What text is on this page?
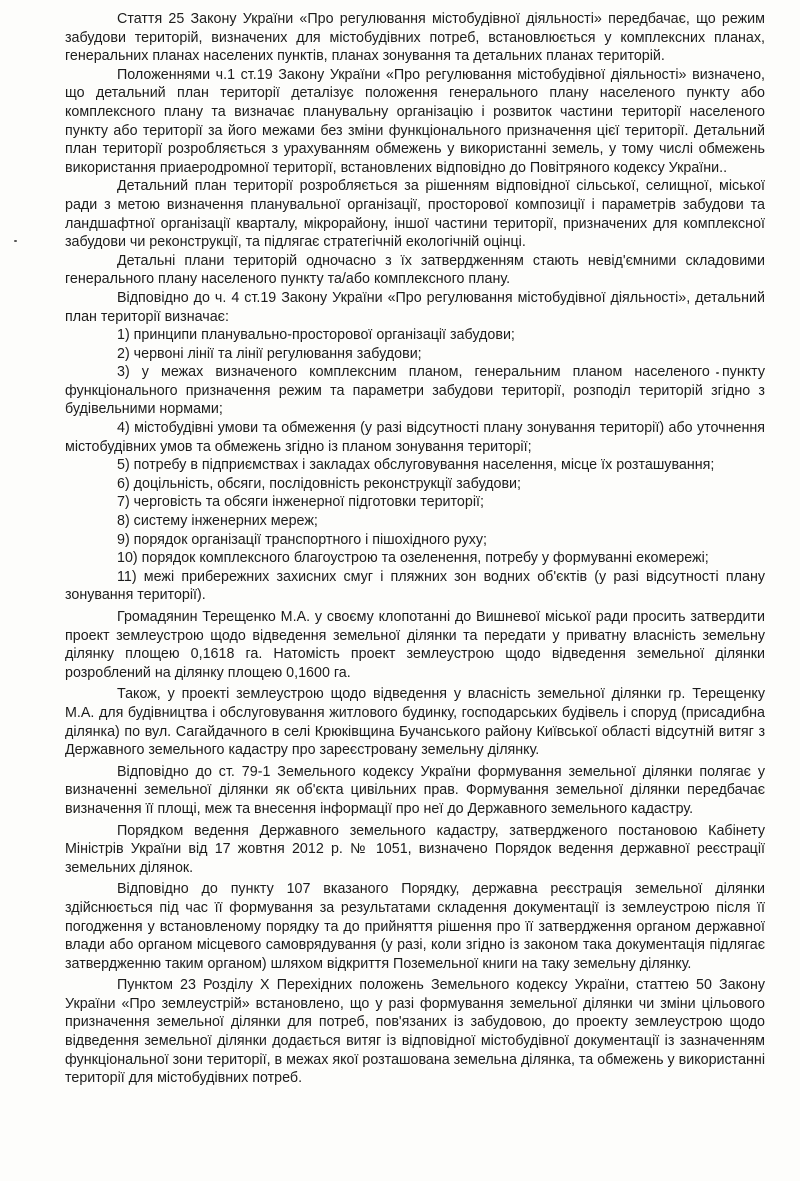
Стаття 25 Закону України «Про регулювання містобудівної діяльності» передбачає, що режим забудови територій, визначених для містобудівних потреб, встановлюється у комплексних планах, генеральних планах населених пунктів, планах зонування та детальних планах територій.

Положеннями ч.1 ст.19 Закону України «Про регулювання містобудівної діяльності» визначено, що детальний план території деталізує положення генерального плану населеного пункту або комплексного плану та визначає планувальну організацію і розвиток частини території населеного пункту або території за його межами без зміни функціонального призначення цієї території. Детальний план території розробляється з урахуванням обмежень у використанні земель, у тому числі обмежень використання приаеродромної території, встановлених відповідно до Повітряного кодексу України..

Детальний план території розробляється за рішенням відповідної сільської, селищної, міської ради з метою визначення планувальної організації, просторової композиції і параметрів забудови та ландшафтної організації кварталу, мікрорайону, іншої частини території, призначених для комплексної забудови чи реконструкції, та підлягає стратегічній екологічній оцінці.

Детальні плани територій одночасно з їх затвердженням стають невід'ємними складовими генерального плану населеного пункту та/або комплексного плану.

Відповідно до ч. 4 ст.19 Закону України «Про регулювання містобудівної діяльності», детальний план території визначає:

1) принципи планувально-просторової організації забудови;

2) червоні лінії та лінії регулювання забудови;

3) у межах визначеного комплексним планом, генеральним планом населеного пункту функціонального призначення режим та параметри забудови території, розподіл територій згідно з будівельними нормами;

4) містобудівні умови та обмеження (у разі відсутності плану зонування території) або уточнення містобудівних умов та обмежень згідно із планом зонування території;

5) потребу в підприємствах і закладах обслуговування населення, місце їх розташування;

6) доцільність, обсяги, послідовність реконструкції забудови;

7) черговість та обсяги інженерної підготовки території;

8) систему інженерних мереж;

9) порядок організації транспортного і пішохідного руху;

10) порядок комплексного благоустрою та озеленення, потребу у формуванні екомережі;

11) межі прибережних захисних смуг і пляжних зон водних об'єктів (у разі відсутності плану зонування території).

Громадянин Терещенко М.А. у своєму клопотанні до Вишневої міської ради просить затвердити проект землеустрою щодо відведення земельної ділянки та передати у приватну власність земельну ділянку площею 0,1618 га. Натомість проект землеустрою щодо відведення земельної ділянки розроблений на ділянку площею 0,1600 га.

Також, у проекті землеустрою щодо відведення у власність земельної ділянки гр. Терещенку М.А. для будівництва і обслуговування житлового будинку, господарських будівель і споруд (присадибна ділянка) по вул. Сагайдачного в селі Крюківщина Бучанського району Київської області відсутній витяг з Державного земельного кадастру про зареєстровану земельну ділянку.

Відповідно до ст. 79-1 Земельного кодексу України формування земельної ділянки полягає у визначенні земельної ділянки як об'єкта цивільних прав. Формування земельної ділянки передбачає визначення її площі, меж та внесення інформації про неї до Державного земельного кадастру.

Порядком ведення Державного земельного кадастру, затвердженого постановою Кабінету Міністрів України від 17 жовтня 2012 р. № 1051, визначено Порядок ведення державної реєстрації земельних ділянок.

Відповідно до пункту 107 вказаного Порядку, державна реєстрація земельної ділянки здійснюється під час її формування за результатами складення документації із землеустрою після її погодження у встановленому порядку та до прийняття рішення про її затвердження органом державної влади або органом місцевого самоврядування (у разі, коли згідно із законом така документація підлягає затвердженню таким органом) шляхом відкриття Поземельної книги на таку земельну ділянку.

Пунктом 23 Розділу X Перехідних положень Земельного кодексу України, статтею 50 Закону України «Про землеустрій» встановлено, що у разі формування земельної ділянки чи зміни цільового призначення земельної ділянки для потреб, пов'язаних із забудовою, до проекту землеустрою щодо відведення земельної ділянки додається витяг із відповідної містобудівної документації із зазначенням функціональної зони території, в межах якої розташована земельна ділянка, та обмежень у використанні території для містобудівних потреб.
